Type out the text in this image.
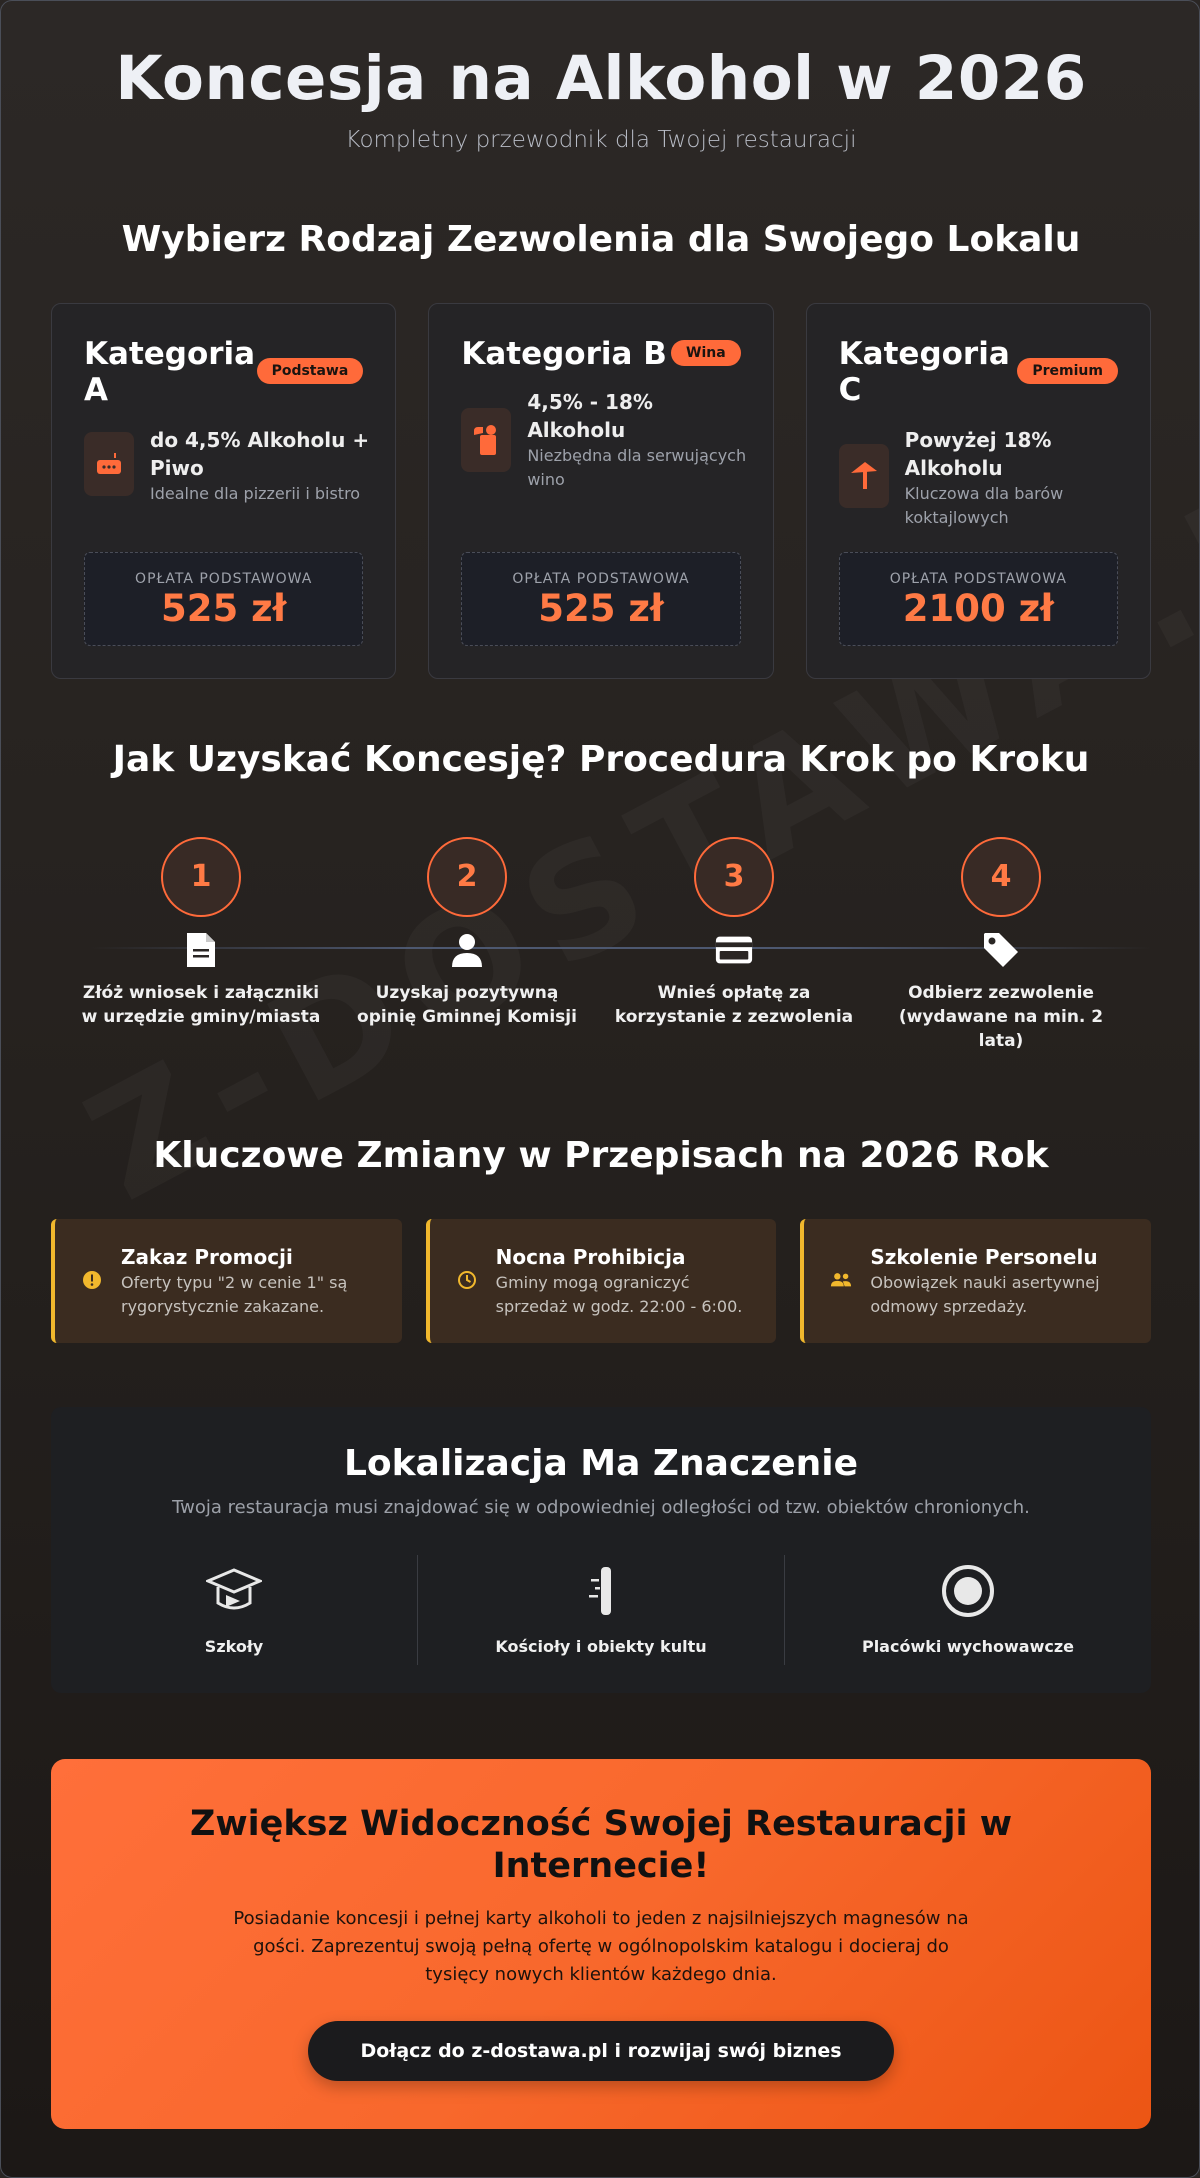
Koncesja na Alkohol w 2026
Kompletny przewodnik dla Twojej restauracji
Wybierz Rodzaj Zezwolenia dla Swojego Lokalu
Kategoria A
Podstawa
do 4,5% Alkoholu + Piwo
Idealne dla pizzerii i bistro
OPŁATA PODSTAWOWA
525 zł
Kategoria B	Wina
4,5% - 18% Alkoholu
Niezbędna dla serwujących wino
OPŁATA PODSTAWOWA
525 zł
Kategoria C
Premium
Powyżej 18% Alkoholu
Kluczowa dla barów koktajlowych
OPŁATA PODSTAWOWA
2100 zł
Jak Uzyskać Koncesję? Procedura Krok po Kroku
1
Złóż wniosek i załączniki w urzędzie gminy/miasta
2
Uzyskaj pozytywną opinię Gminnej Komisji
3
Wnieś opłatę za korzystanie z zezwolenia
4
Odbierz zezwolenie (wydawane na min. 2 lata)
Kluczowe Zmiany w Przepisach na 2026 Rok
Zakaz Promocji
Oferty typu "2 w cenie 1" są rygorystycznie zakazane.
Nocna Prohibicja
Gminy mogą ograniczyć sprzedaż w godz. 22:00 - 6:00.
Szkolenie Personelu
Obowiązek nauki asertywnej odmowy sprzedaży.
Lokalizacja Ma Znaczenie
Twoja restauracja musi znajdować się w odpowiedniej odległości od tzw. obiektów chronionych.
Szkoły	Kościoły i obiekty kultu	Placówki wychowawcze
Zwiększ Widoczność Swojej Restauracji w Internecie!
Posiadanie koncesji i pełnej karty alkoholi to jeden z najsilniejszych magnesów na gości. Zaprezentuj swoją pełną ofertę w ogólnopolskim katalogu i docieraj do tysięcy nowych klientów każdego dnia.
Dołącz do z-dostawa.pl i rozwijaj swój biznes
